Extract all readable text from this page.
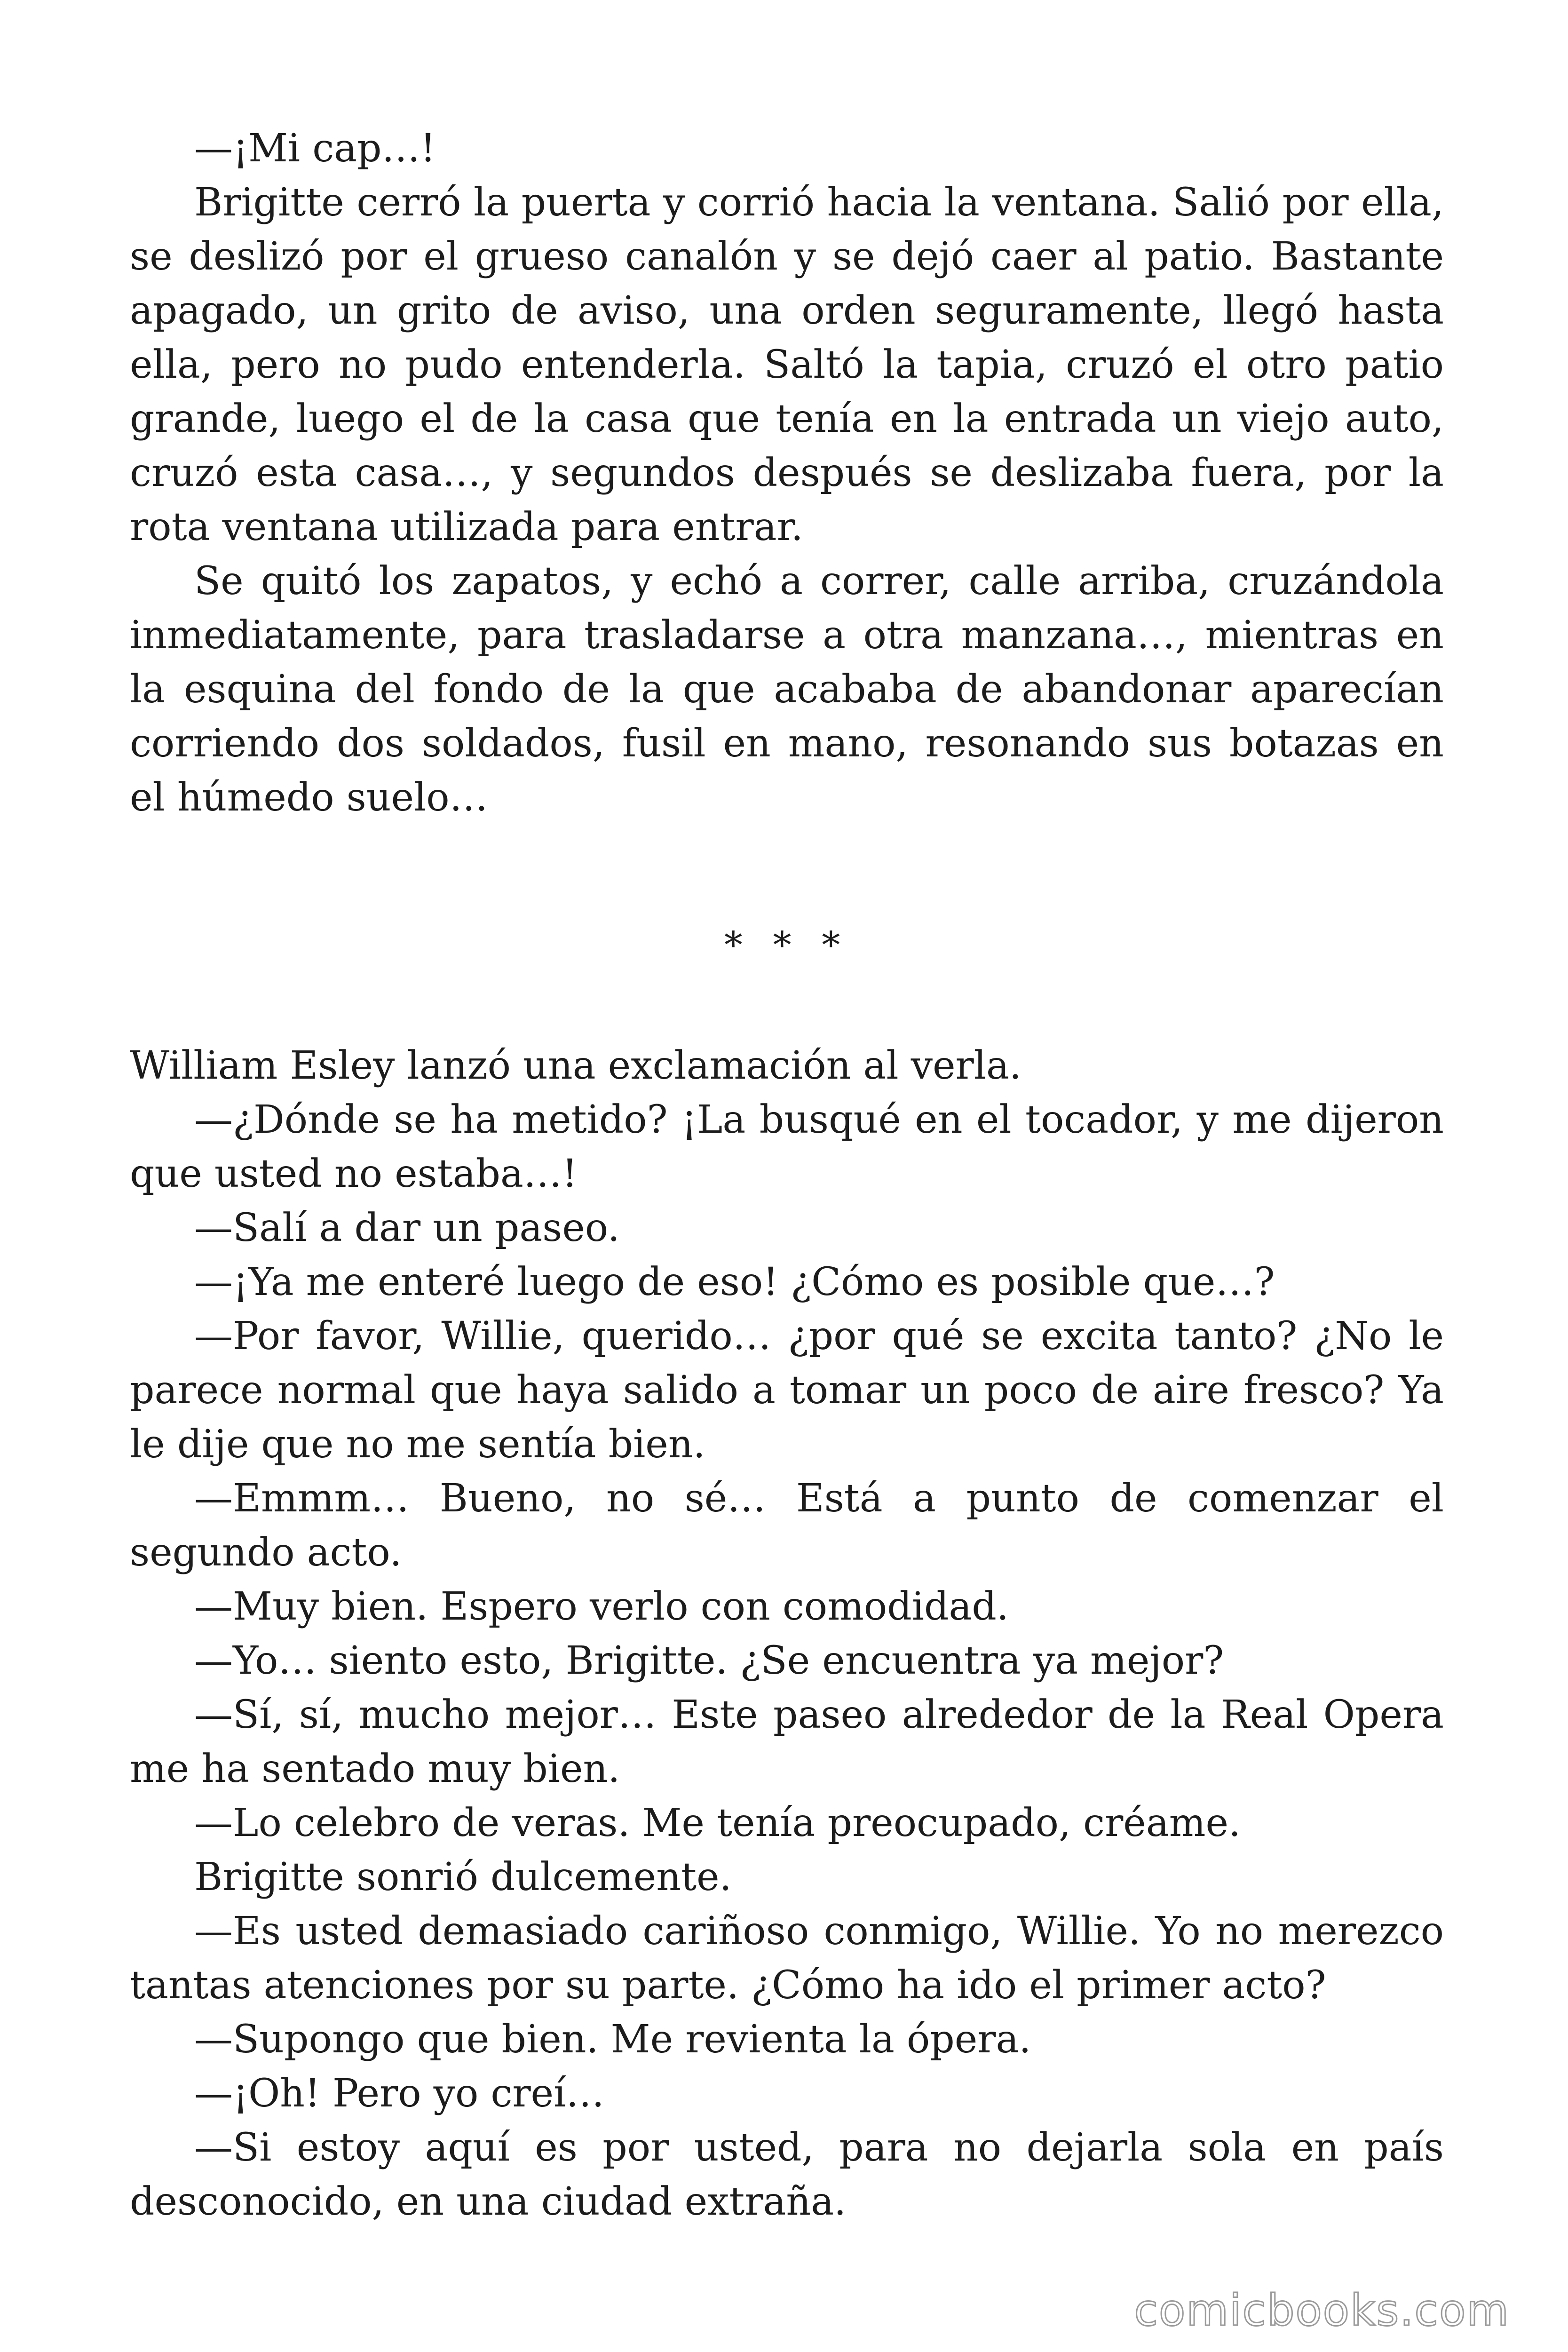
—¡Mi cap…!

Brigitte cerró la puerta y corrió hacia la ventana. Salió por ella, se deslizó por el grueso canalón y se dejó caer al patio. Bastante apagado, un grito de aviso, una orden seguramente, llegó hasta ella, pero no pudo entenderla. Saltó la tapia, cruzó el otro patio grande, luego el de la casa que tenía en la entrada un viejo auto, cruzó esta casa…, y segundos después se deslizaba fuera, por la rota ventana utilizada para entrar.

Se quitó los zapatos, y echó a correr, calle arriba, cruzándola inmediatamente, para trasladarse a otra manzana…, mientras en la esquina del fondo de la que acababa de abandonar aparecían corriendo dos soldados, fusil en mano, resonando sus botazas en el húmedo suelo…

* * *

William Esley lanzó una exclamación al verla.

—¿Dónde se ha metido? ¡La busqué en el tocador, y me dijeron que usted no estaba…!

—Salí a dar un paseo.

—¡Ya me enteré luego de eso! ¿Cómo es posible que…?

—Por favor, Willie, querido… ¿por qué se excita tanto? ¿No le parece normal que haya salido a tomar un poco de aire fresco? Ya le dije que no me sentía bien.

—Emmm… Bueno, no sé… Está a punto de comenzar el segundo acto.

—Muy bien. Espero verlo con comodidad.

—Yo… siento esto, Brigitte. ¿Se encuentra ya mejor?

—Sí, sí, mucho mejor… Este paseo alrededor de la Real Opera me ha sentado muy bien.

—Lo celebro de veras. Me tenía preocupado, créame.

Brigitte sonrió dulcemente.

—Es usted demasiado cariñoso conmigo, Willie. Yo no merezco tantas atenciones por su parte. ¿Cómo ha ido el primer acto?

—Supongo que bien. Me revienta la ópera.

—¡Oh! Pero yo creí…

—Si estoy aquí es por usted, para no dejarla sola en país desconocido, en una ciudad extraña.

comicbooks.com
